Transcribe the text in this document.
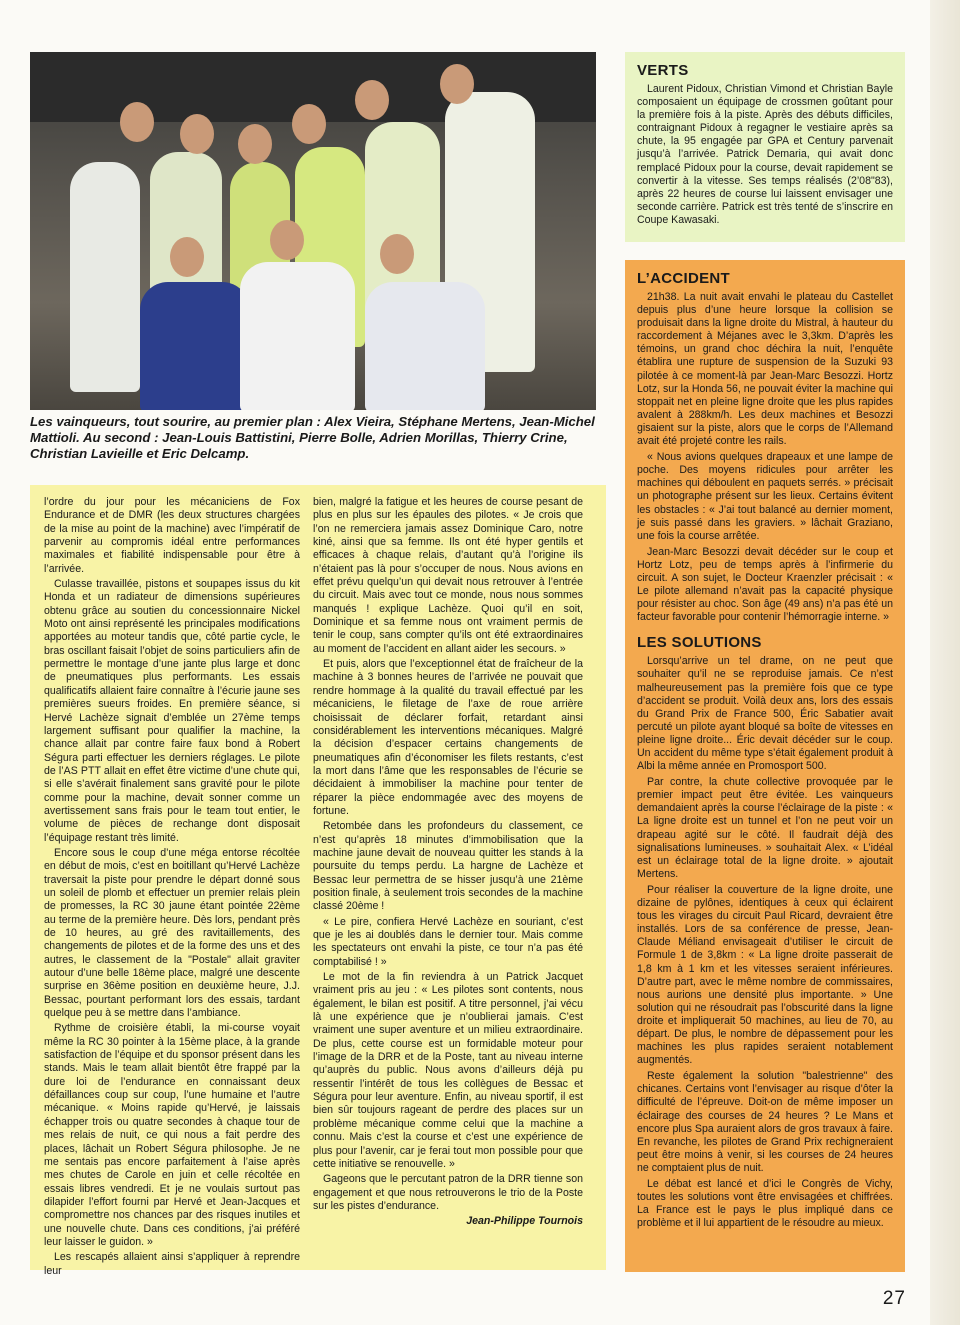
Les vainqueurs, tout sourire, au premier plan : Alex Vieira, Stéphane Mertens, Jean-Michel Mattioli. Au second : Jean-Louis Battistini, Pierre Bolle, Adrien Morillas, Thierry Crine, Christian Lavieille et Eric Delcamp.

l’ordre du jour pour les mécaniciens de Fox Endurance et de DMR (les deux structures chargées de la mise au point de la machine) avec l’impératif de parvenir au compromis idéal entre performances maximales et fiabilité indispensable pour être à l’arrivée.

Culasse travaillée, pistons et soupapes issus du kit Honda et un radiateur de dimensions supérieures obtenu grâce au soutien du concessionnaire Nickel Moto ont ainsi représenté les principales modifications apportées au moteur tandis que, côté partie cycle, le bras oscillant faisait l’objet de soins particuliers afin de permettre le montage d’une jante plus large et donc de pneumatiques plus performants. Les essais qualificatifs allaient faire connaître à l’écurie jaune ses premières sueurs froides. En première séance, si Hervé Lachèze signait d’emblée un 27ème temps largement suffisant pour qualifier la machine, la chance allait par contre faire faux bond à Robert Ségura parti effectuer les derniers réglages. Le pilote de l’AS PTT allait en effet être victime d’une chute qui, si elle s’avérait finalement sans gravité pour le pilote comme pour la machine, devait sonner comme un avertissement sans frais pour le team tout entier, le volume de pièces de rechange dont disposait l’équipage restant très limité.

Encore sous le coup d’une méga entorse récoltée en début de mois, c’est en boitillant qu’Hervé Lachèze traversait la piste pour prendre le départ donné sous un soleil de plomb et effectuer un premier relais plein de promesses, la RC 30 jaune étant pointée 22ème au terme de la première heure. Dès lors, pendant près de 10 heures, au gré des ravitaillements, des changements de pilotes et de la forme des uns et des autres, le classement de la "Postale" allait graviter autour d’une belle 18ème place, malgré une descente surprise en 36ème position en deuxième heure, J.J. Bessac, pourtant performant lors des essais, tardant quelque peu à se mettre dans l’ambiance.

Rythme de croisière établi, la mi-course voyait même la RC 30 pointer à la 15ème place, à la grande satisfaction de l’équipe et du sponsor présent dans les stands. Mais le team allait bientôt être frappé par la dure loi de l’endurance en connaissant deux défaillances coup sur coup, l’une humaine et l’autre mécanique. « Moins rapide qu’Hervé, je laissais échapper trois ou quatre secondes à chaque tour de mes relais de nuit, ce qui nous a fait perdre des places, lâchait un Robert Ségura philosophe. Je ne me sentais pas encore parfaitement à l’aise après mes chutes de Carole en juin et celle récoltée en essais libres vendredi. Et je ne voulais surtout pas dilapider l’effort fourni par Hervé et Jean-Jacques et compromettre nos chances par des risques inutiles et une nouvelle chute. Dans ces conditions, j’ai préféré leur laisser le guidon. »

Les rescapés allaient ainsi s’appliquer à reprendre leur

bien, malgré la fatigue et les heures de course pesant de plus en plus sur les épaules des pilotes. « Je crois que l’on ne remerciera jamais assez Dominique Caro, notre kiné, ainsi que sa femme. Ils ont été hyper gentils et efficaces à chaque relais, d’autant qu’à l’origine ils n’étaient pas là pour s’occuper de nous. Nous avions en effet prévu quelqu’un qui devait nous retrouver à l’entrée du circuit. Mais avec tout ce monde, nous nous sommes manqués ! explique Lachèze. Quoi qu’il en soit, Dominique et sa femme nous ont vraiment permis de tenir le coup, sans compter qu’ils ont été extraordinaires au moment de l’accident en allant aider les secours. »

Et puis, alors que l’exceptionnel état de fraîcheur de la machine à 3 bonnes heures de l’arrivée ne pouvait que rendre hommage à la qualité du travail effectué par les mécaniciens, le filetage de l’axe de roue arrière choisissait de déclarer forfait, retardant ainsi considérablement les interventions mécaniques. Malgré la décision d’espacer certains changements de pneumatiques afin d’économiser les filets restants, c’est la mort dans l’âme que les responsables de l’écurie se décidaient à immobiliser la machine pour tenter de réparer la pièce endommagée avec des moyens de fortune.

Retombée dans les profondeurs du classement, ce n’est qu’après 18 minutes d’immobilisation que la machine jaune devait de nouveau quitter les stands à la poursuite du temps perdu. La hargne de Lachèze et Bessac leur permettra de se hisser jusqu’à une 21ème position finale, à seulement trois secondes de la machine classé 20ème !

« Le pire, confiera Hervé Lachèze en souriant, c’est que je les ai doublés dans le dernier tour. Mais comme les spectateurs ont envahi la piste, ce tour n’a pas été comptabilisé ! »

Le mot de la fin reviendra à un Patrick Jacquet vraiment pris au jeu : « Les pilotes sont contents, nous également, le bilan est positif. A titre personnel, j’ai vécu là une expérience que je n’oublierai jamais. C’est vraiment une super aventure et un milieu extraordinaire. De plus, cette course est un formidable moteur pour l’image de la DRR et de la Poste, tant au niveau interne qu’auprès du public. Nous avons d’ailleurs déjà pu ressentir l’intérêt de tous les collègues de Bessac et Ségura pour leur aventure. Enfin, au niveau sportif, il est bien sûr toujours rageant de perdre des places sur un problème mécanique comme celui que la machine a connu. Mais c’est la course et c’est une expérience de plus pour l’avenir, car je ferai tout mon possible pour que cette initiative se renouvelle. »

Gageons que le percutant patron de la DRR tienne son engagement et que nous retrouverons le trio de la Poste sur les pistes d’endurance.

Jean-Philippe Tournois

VERTS

Laurent Pidoux, Christian Vimond et Christian Bayle composaient un équipage de crossmen goûtant pour la première fois à la piste. Après des débuts difficiles, contraignant Pidoux à regagner le vestiaire après sa chute, la 95 engagée par GPA et Century parvenait jusqu’à l’arrivée. Patrick Demaria, qui avait donc remplacé Pidoux pour la course, devait rapidement se convertir à la vitesse. Ses temps réalisés (2’08"83), après 22 heures de course lui laissent envisager une seconde carrière. Patrick est très tenté de s’inscrire en Coupe Kawasaki.

L’ACCIDENT

21h38. La nuit avait envahi le plateau du Castellet depuis plus d’une heure lorsque la collision se produisait dans la ligne droite du Mistral, à hauteur du raccordement à Méjanes avec le 3,3km. D’après les témoins, un grand choc déchira la nuit, l’enquête établira une rupture de suspension de la Suzuki 93 pilotée à ce moment-là par Jean-Marc Besozzi. Hortz Lotz, sur la Honda 56, ne pouvait éviter la machine qui stoppait net en pleine ligne droite que les plus rapides avalent à 288km/h. Les deux machines et Besozzi gisaient sur la piste, alors que le corps de l’Allemand avait été projeté contre les rails.

« Nous avions quelques drapeaux et une lampe de poche. Des moyens ridicules pour arrêter les machines qui déboulent en paquets serrés. » précisait un photographe présent sur les lieux. Certains évitent les obstacles : « J’ai tout balancé au dernier moment, je suis passé dans les graviers. » lâchait Graziano, une fois la course arrêtée.

Jean-Marc Besozzi devait décéder sur le coup et Hortz Lotz, peu de temps après à l’infirmerie du circuit. A son sujet, le Docteur Kraenzler précisait : « Le pilote allemand n’avait pas la capacité physique pour résister au choc. Son âge (49 ans) n’a pas été un facteur favorable pour contenir l’hémorragie interne. »

LES SOLUTIONS

Lorsqu’arrive un tel drame, on ne peut que souhaiter qu’il ne se reproduise jamais. Ce n’est malheureusement pas la première fois que ce type d’accident se produit. Voilà deux ans, lors des essais du Grand Prix de France 500, Éric Sabatier avait percuté un pilote ayant bloqué sa boîte de vitesses en pleine ligne droite... Éric devait décéder sur le coup. Un accident du même type s’était également produit à Albi la même année en Promosport 500.

Par contre, la chute collective provoquée par le premier impact peut être évitée. Les vainqueurs demandaient après la course l’éclairage de la piste : « La ligne droite est un tunnel et l’on ne peut voir un drapeau agité sur le côté. Il faudrait déjà des signalisations lumineuses. » souhaitait Alex. « L’idéal est un éclairage total de la ligne droite. » ajoutait Mertens.

Pour réaliser la couverture de la ligne droite, une dizaine de pylônes, identiques à ceux qui éclairent tous les virages du circuit Paul Ricard, devraient être installés. Lors de sa conférence de presse, Jean-Claude Méliand envisageait d’utiliser le circuit de Formule 1 de 3,8km : « La ligne droite passerait de 1,8 km à 1 km et les vitesses seraient inférieures. D’autre part, avec le même nombre de commissaires, nous aurions une densité plus importante. » Une solution qui ne résoudrait pas l’obscurité dans la ligne droite et impliquerait 50 machines, au lieu de 70, au départ. De plus, le nombre de dépassement pour les machines les plus rapides seraient notablement augmentés.

Reste également la solution "balestrienne" des chicanes. Certains vont l’envisager au risque d’ôter la difficulté de l’épreuve. Doit-on de même imposer un éclairage des courses de 24 heures ? Le Mans et encore plus Spa auraient alors de gros travaux à faire. En revanche, les pilotes de Grand Prix rechigneraient peut être moins à venir, si les courses de 24 heures ne comptaient plus de nuit.

Le débat est lancé et d’ici le Congrès de Vichy, toutes les solutions vont être envisagées et chiffrées. La France est le pays le plus impliqué dans ce problème et il lui appartient de le résoudre au mieux.

27
